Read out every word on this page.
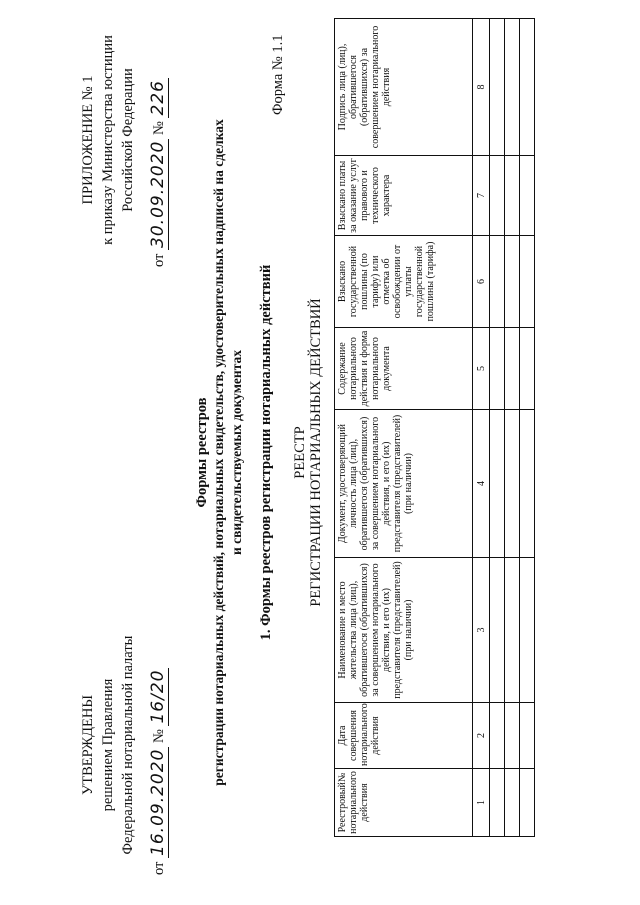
УТВЕРЖДЕНЫ решением Правления Федеральной нотариальной палаты
от 16.09.2020 № 16/20
ПРИЛОЖЕНИЕ № 1 к приказу Министерства юстиции Российской Федерации
от 30.09.2020 № 226
Формы реестров регистрации нотариальных действий, нотариальных свидетельств, удостоверительных надписей на сделках и свидетельствуемых документах 1. Формы реестров регистрации нотариальных действий
Форма № 1.1
РЕЕСТР РЕГИСТРАЦИИ НОТАРИАЛЬНЫХ ДЕЙСТВИЙ
Реестровый№ нотариального действия	Дата совершения нотариального действия	Наименование и место жительства лица (лиц), обратившегося (обратившихся) за совершением нотариального действия, и его (их) представителя (представителей) (при наличии)	Документ, удостоверяющий личность лица (лиц), обратившегося (обратившихся) за совершением нотариального действия, и его (их) представителя (представителей) (при наличии)	Содержание нотариального действия и форма нотариального документа	Взыскано государственной пошлины (по тарифу) или отметка об освобождении от уплаты государственной пошлины (тарифа)	Взыскано платы за оказание услуг правового и технического характера	Подпись лица (лиц), обратившегося (обратившихся) за совершением нотариального действия
1	2	3	4	5	6	7	8
